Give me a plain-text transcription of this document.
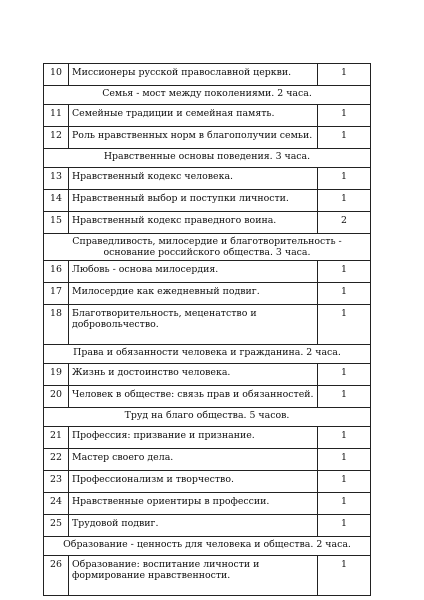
10	Миссионеры русской православной церкви.	1
Семья - мост между поколениями. 2 часа.		
11	Семейные традиции и семейная память.	1
12	Роль нравственных норм в благополучии семьи.	1
Нравственные основы поведения. 3 часа.		
13	Нравственный кодекс человека.	1
14	Нравственный выбор и поступки личности.	1
15	Нравственный кодекс праведного воина.	2
Справедливость, милосердие и благотворительность - основание российского общества. 3 часа.		
16	Любовь - основа милосердия.	1
17	Милосердие как ежедневный подвиг.	1
18	Благотворительность, меценатство и добровольчество.	1
Права и обязанности человека и гражданина. 2 часа.		
19	Жизнь и достоинство человека.	1
20	Человек в обществе: связь прав и обязанностей.	1
Труд на благо общества. 5 часов.		
21	Профессия: призвание и признание.	1
22	Мастер своего дела.	1
23	Профессионализм и творчество.	1
24	Нравственные ориентиры в профессии.	1
25	Трудовой подвиг.	1
Образование - ценность для человека и общества. 2 часа.		
26	Образование: воспитание личности и формирование нравственности.	1
